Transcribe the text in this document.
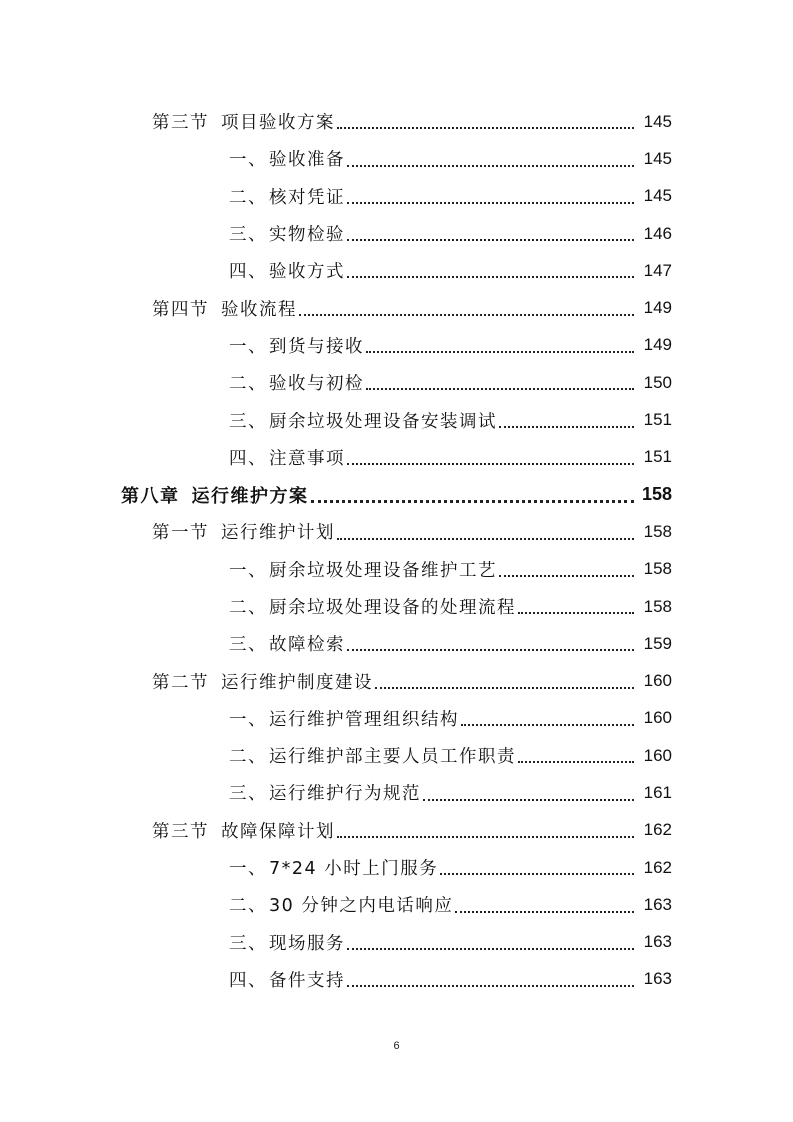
第三节 项目验收方案	145
一、 验收准备	145
二、 核对凭证	145
三、 实物检验	146
四、 验收方式	147
第四节 验收流程	149
一、 到货与接收	149
二、 验收与初检	150
三、 厨余垃圾处理设备安装调试	151
四、 注意事项	151
第八章 运行维护方案	158
第一节 运行维护计划	158
一、 厨余垃圾处理设备维护工艺	158
二、 厨余垃圾处理设备的处理流程	158
三、 故障检索	159
第二节 运行维护制度建设	160
一、 运行维护管理组织结构	160
二、 运行维护部主要人员工作职责	160
三、 运行维护行为规范	161
第三节 故障保障计划	162
一、 7*24 小时上门服务	162
二、 30 分钟之内电话响应	163
三、 现场服务	163
四、 备件支持	163
6
